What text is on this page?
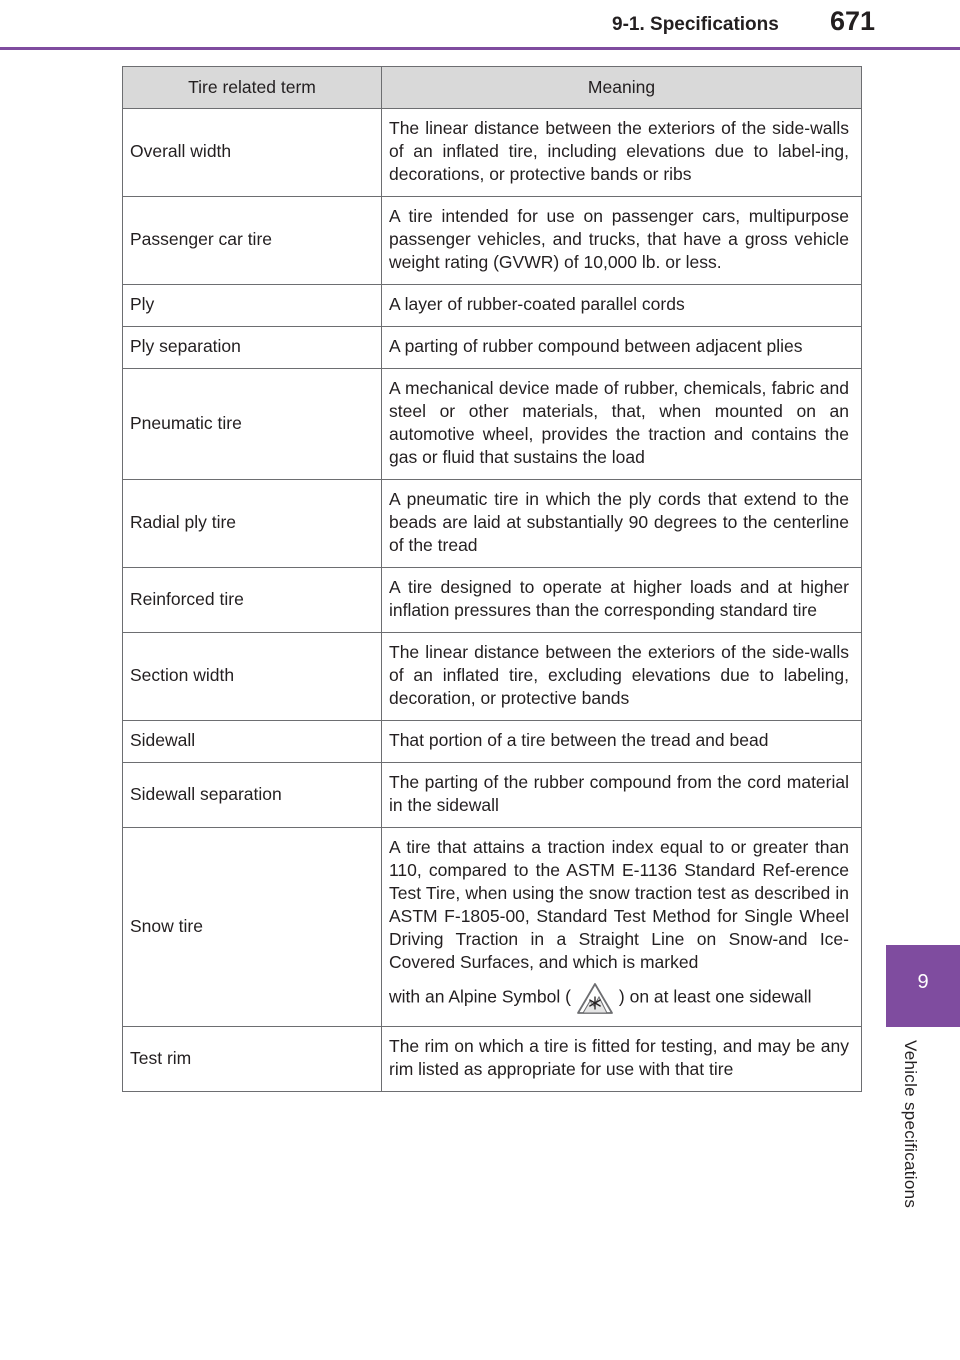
9-1. Specifications 671
9
Vehicle specifications
Tire related term	Meaning
Overall width	The linear distance between the exteriors of the side-walls of an inflated tire, including elevations due to label-ing, decorations, or protective bands or ribs
Passenger car tire	A tire intended for use on passenger cars, multipurpose passenger vehicles, and trucks, that have a gross vehicle weight rating (GVWR) of 10,000 lb. or less.
Ply	A layer of rubber-coated parallel cords
Ply separation	A parting of rubber compound between adjacent plies
Pneumatic tire	A mechanical device made of rubber, chemicals, fabric and steel or other materials, that, when mounted on an automotive wheel, provides the traction and contains the gas or fluid that sustains the load
Radial ply tire	A pneumatic tire in which the ply cords that extend to the beads are laid at substantially 90 degrees to the centerline of the tread
Reinforced tire	A tire designed to operate at higher loads and at higher inflation pressures than the corresponding standard tire
Section width	The linear distance between the exteriors of the side-walls of an inflated tire, excluding elevations due to labeling, decoration, or protective bands
Sidewall	That portion of a tire between the tread and bead
Sidewall separation	The parting of the rubber compound from the cord material in the sidewall
Snow tire	A tire that attains a traction index equal to or greater than 110, compared to the ASTM E-1136 Standard Ref-erence Test Tire, when using the snow traction test as described in ASTM F-1805-00, Standard Test Method for Single Wheel Driving Traction in a Straight Line on Snow-and Ice-Covered Surfaces, and which is marked
with an Alpine Symbol ( ) on at least one sidewall

Test rim	The rim on which a tire is fitted for testing, and may be any rim listed as appropriate for use with that tire
